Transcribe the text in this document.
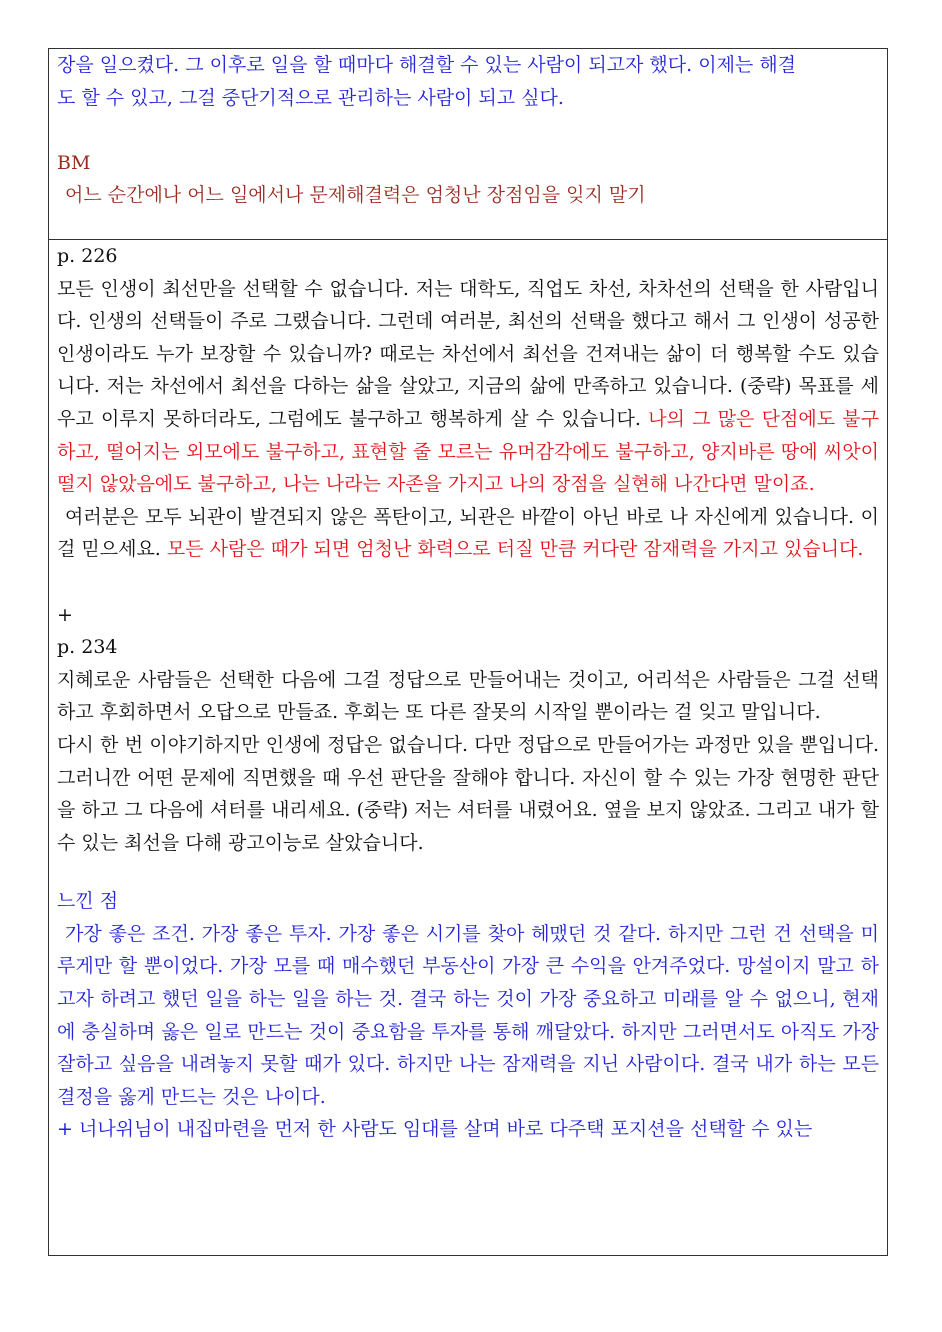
장을 일으켰다. 그 이후로 일을 할 때마다 해결할 수 있는 사람이 되고자 했다. 이제는 해결

도 할 수 있고, 그걸 중단기적으로 관리하는 사람이 되고 싶다.

BM

어느 순간에나 어느 일에서나 문제해결력은 엄청난 장점임을 잊지 말기

p. 226

모든 인생이 최선만을 선택할 수 없습니다. 저는 대학도, 직업도 차선, 차차선의 선택을 한 사람입니다. 인생의 선택들이 주로 그랬습니다. 그런데 여러분, 최선의 선택을 했다고 해서 그 인생이 성공한 인생이라도 누가 보장할 수 있습니까? 때로는 차선에서 최선을 건져내는 삶이 더 행복할 수도 있습니다. 저는 차선에서 최선을 다하는 삶을 살았고, 지금의 삶에 만족하고 있습니다. (중략) 목표를 세우고 이루지 못하더라도, 그럼에도 불구하고 행복하게 살 수 있습니다. 나의 그 많은 단점에도 불구하고, 떨어지는 외모에도 불구하고, 표현할 줄 모르는 유머감각에도 불구하고, 양지바른 땅에 씨앗이 떨지 않았음에도 불구하고, 나는 나라는 자존을 가지고 나의 장점을 실현해 나간다면 말이죠.

여러분은 모두 뇌관이 발견되지 않은 폭탄이고, 뇌관은 바깥이 아닌 바로 나 자신에게 있습니다. 이걸 믿으세요. 모든 사람은 때가 되면 엄청난 화력으로 터질 만큼 커다란 잠재력을 가지고 있습니다.

+

p. 234

지혜로운 사람들은 선택한 다음에 그걸 정답으로 만들어내는 것이고, 어리석은 사람들은 그걸 선택하고 후회하면서 오답으로 만들죠. 후회는 또 다른 잘못의 시작일 뿐이라는 걸 잊고 말입니다.

다시 한 번 이야기하지만 인생에 정답은 없습니다. 다만 정답으로 만들어가는 과정만 있을 뿐입니다. 그러니깐 어떤 문제에 직면했을 때 우선 판단을 잘해야 합니다. 자신이 할 수 있는 가장 현명한 판단을 하고 그 다음에 셔터를 내리세요. (중략) 저는 셔터를 내렸어요. 옆을 보지 않았죠. 그리고 내가 할 수 있는 최선을 다해 광고이능로 살았습니다.

느낀 점

가장 좋은 조건. 가장 좋은 투자. 가장 좋은 시기를 찾아 헤맸던 것 같다. 하지만 그런 건 선택을 미루게만 할 뿐이었다. 가장 모를 때 매수했던 부동산이 가장 큰 수익을 안겨주었다. 망설이지 말고 하고자 하려고 했던 일을 하는 일을 하는 것. 결국 하는 것이 가장 중요하고 미래를 알 수 없으니, 현재에 충실하며 옳은 일로 만드는 것이 중요함을 투자를 통해 깨달았다. 하지만 그러면서도 아직도 가장 잘하고 싶음을 내려놓지 못할 때가 있다. 하지만 나는 잠재력을 지닌 사람이다. 결국 내가 하는 모든 결정을 옳게 만드는 것은 나이다.

+ 너나위님이 내집마련을 먼저 한 사람도 임대를 살며 바로 다주택 포지션을 선택할 수 있는
